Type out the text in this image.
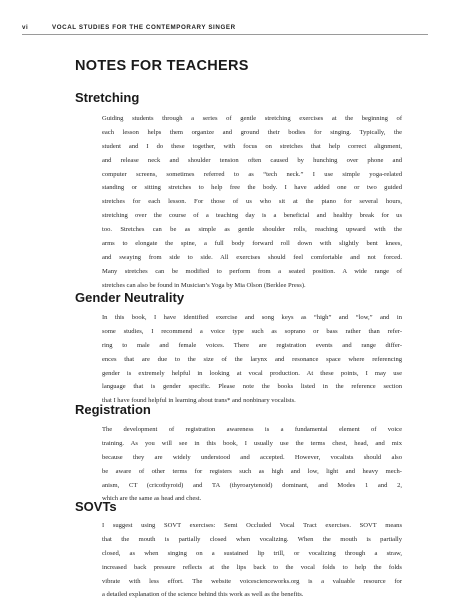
vi	VOCAL STUDIES FOR THE CONTEMPORARY SINGER
NOTES FOR TEACHERS
Stretching
Guiding students through a series of gentle stretching exercises at the beginning of
each lesson helps them organize and ground their bodies for singing. Typically, the
student and I do these together, with focus on stretches that help correct alignment,
and release neck and shoulder tension often caused by hunching over phone and
computer screens, sometimes referred to as “tech neck.” I use simple yoga-related
standing or sitting stretches to help free the body. I have added one or two guided
stretches for each lesson. For those of us who sit at the piano for several hours,
stretching over the course of a teaching day is a beneficial and healthy break for us
too. Stretches can be as simple as gentle shoulder rolls, reaching upward with the
arms to elongate the spine, a full body forward roll down with slightly bent knees,
and swaying from side to side. All exercises should feel comfortable and not forced.
Many stretches can be modified to perform from a seated position. A wide range of
stretches can also be found in Musician’s Yoga by Mia Olson (Berklee Press).
Gender Neutrality
In this book, I have identified exercise and song keys as “high” and “low,” and in
some studies, I recommend a voice type such as soprano or bass rather than refer-
ring to male and female voices. There are registration events and range differ-
ences that are due to the size of the larynx and resonance space where referencing
gender is extremely helpful in looking at vocal production. At these points, I may use
language that is gender specific. Please note the books listed in the reference section
that I have found helpful in learning about trans* and nonbinary vocalists.
Registration
The development of registration awareness is a fundamental element of voice
training. As you will see in this book, I usually use the terms chest, head, and mix
because they are widely understood and accepted. However, vocalists should also
be aware of other terms for registers such as high and low, light and heavy mech-
anism, CT (cricothyroid) and TA (thyroarytenoid) dominant, and Modes 1 and 2,
which are the same as head and chest.
SOVTs
I suggest using SOVT exercises: Semi Occluded Vocal Tract exercises. SOVT means
that the mouth is partially closed when vocalizing. When the mouth is partially
closed, as when singing on a sustained lip trill, or vocalizing through a straw,
increased back pressure reflects at the lips back to the vocal folds to help the folds
vibrate with less effort. The website voicescienceworks.org is a valuable resource for
a detailed explanation of the science behind this work as well as the benefits.
